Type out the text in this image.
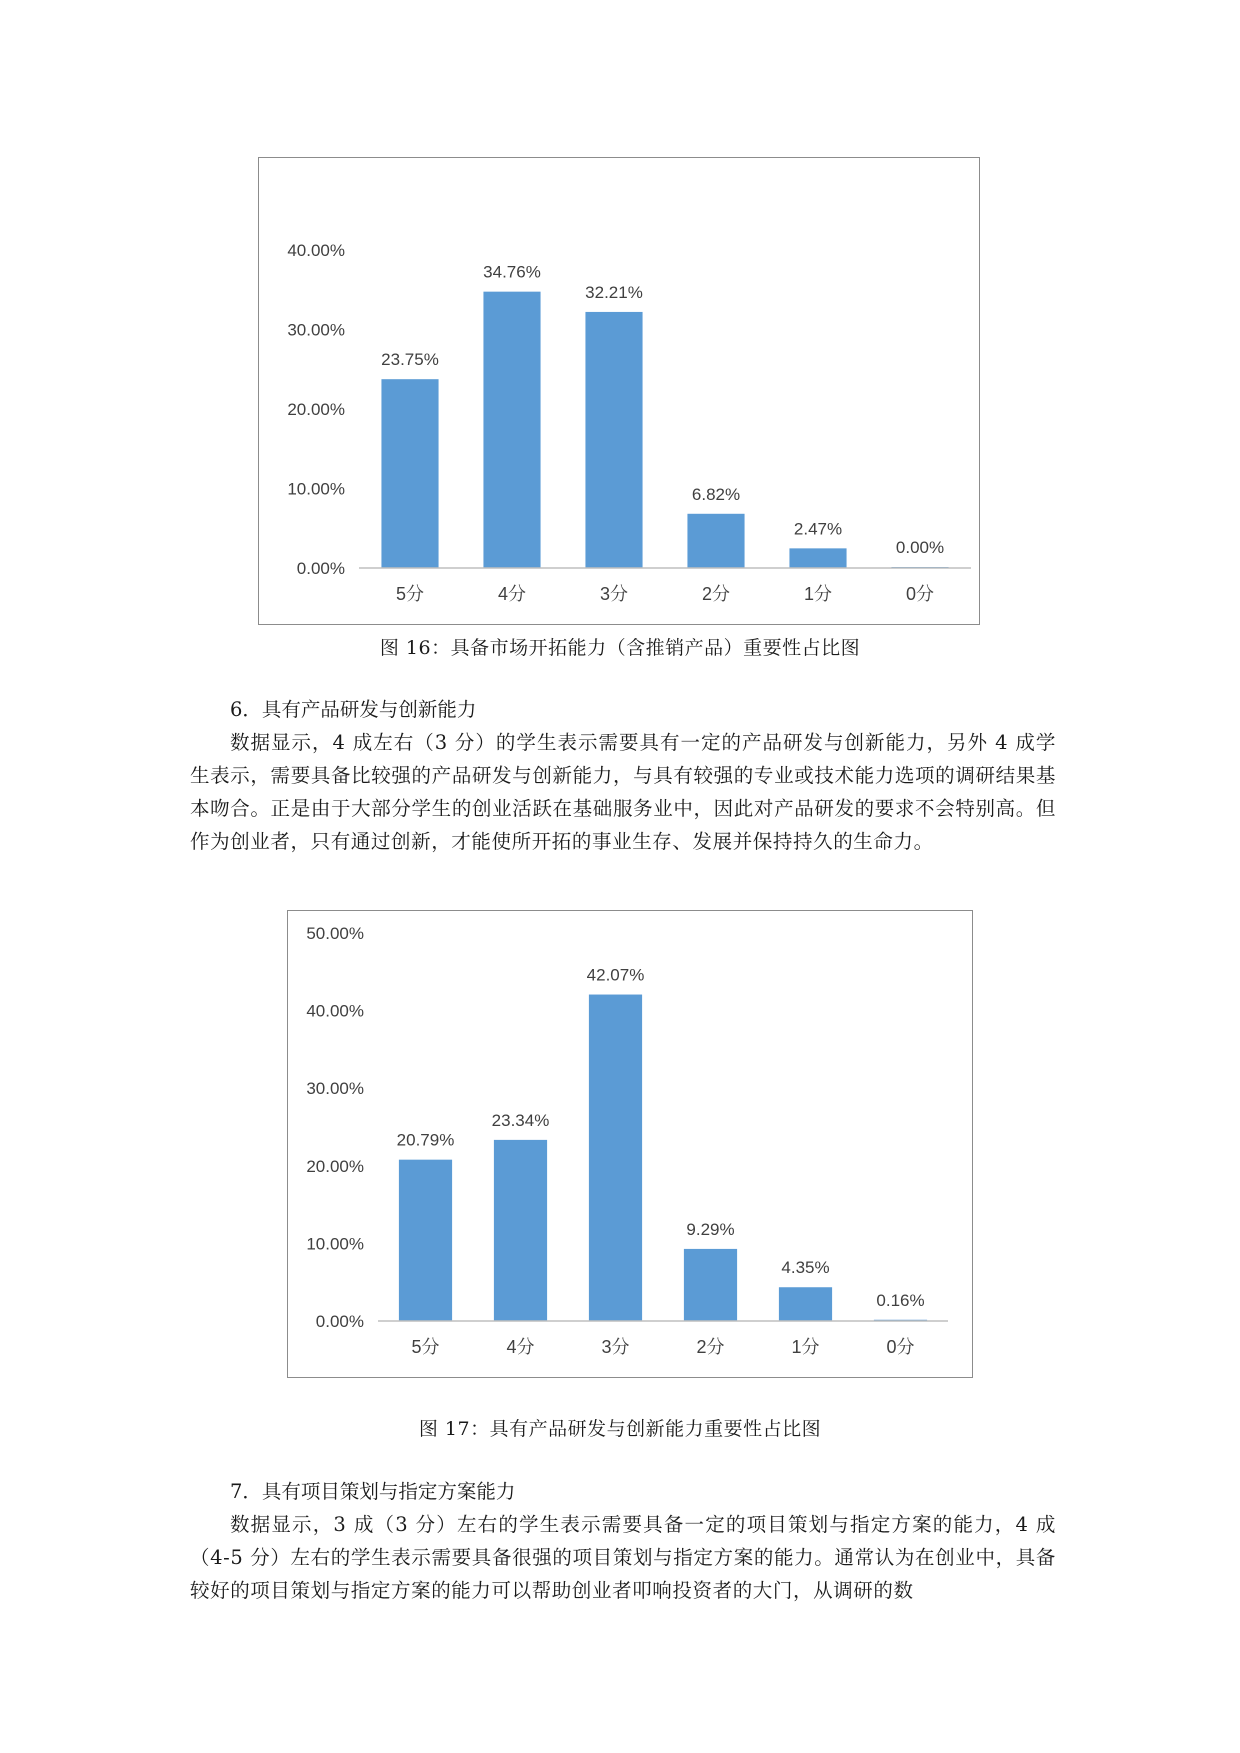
0.00%
10.00%
20.00%
30.00%
40.00%
23.75%
5分
34.76%
4分
32.21%
3分
6.82%
2分
2.47%
1分
0.00%
0分
图 16：具备市场开拓能力（含推销产品）重要性占比图

6．具有产品研发与创新能力

数据显示，4 成左右（3 分）的学生表示需要具有一定的产品研发与创新能力，另外 4 成学生表示，需要具备比较强的产品研发与创新能力，与具有较强的专业或技术能力选项的调研结果基本吻合。正是由于大部分学生的创业活跃在基础服务业中，因此对产品研发的要求不会特别高。但作为创业者，只有通过创新，才能使所开拓的事业生存、发展并保持持久的生命力。

0.00%
10.00%
20.00%
30.00%
40.00%
50.00%
20.79%
5分
23.34%
4分
42.07%
3分
9.29%
2分
4.35%
1分
0.16%
0分
图 17：具有产品研发与创新能力重要性占比图

7．具有项目策划与指定方案能力

数据显示，3 成（3 分）左右的学生表示需要具备一定的项目策划与指定方案的能力，4 成（4-5 分）左右的学生表示需要具备很强的项目策划与指定方案的能力。通常认为在创业中，具备较好的项目策划与指定方案的能力可以帮助创业者叩响投资者的大门，从调研的数
